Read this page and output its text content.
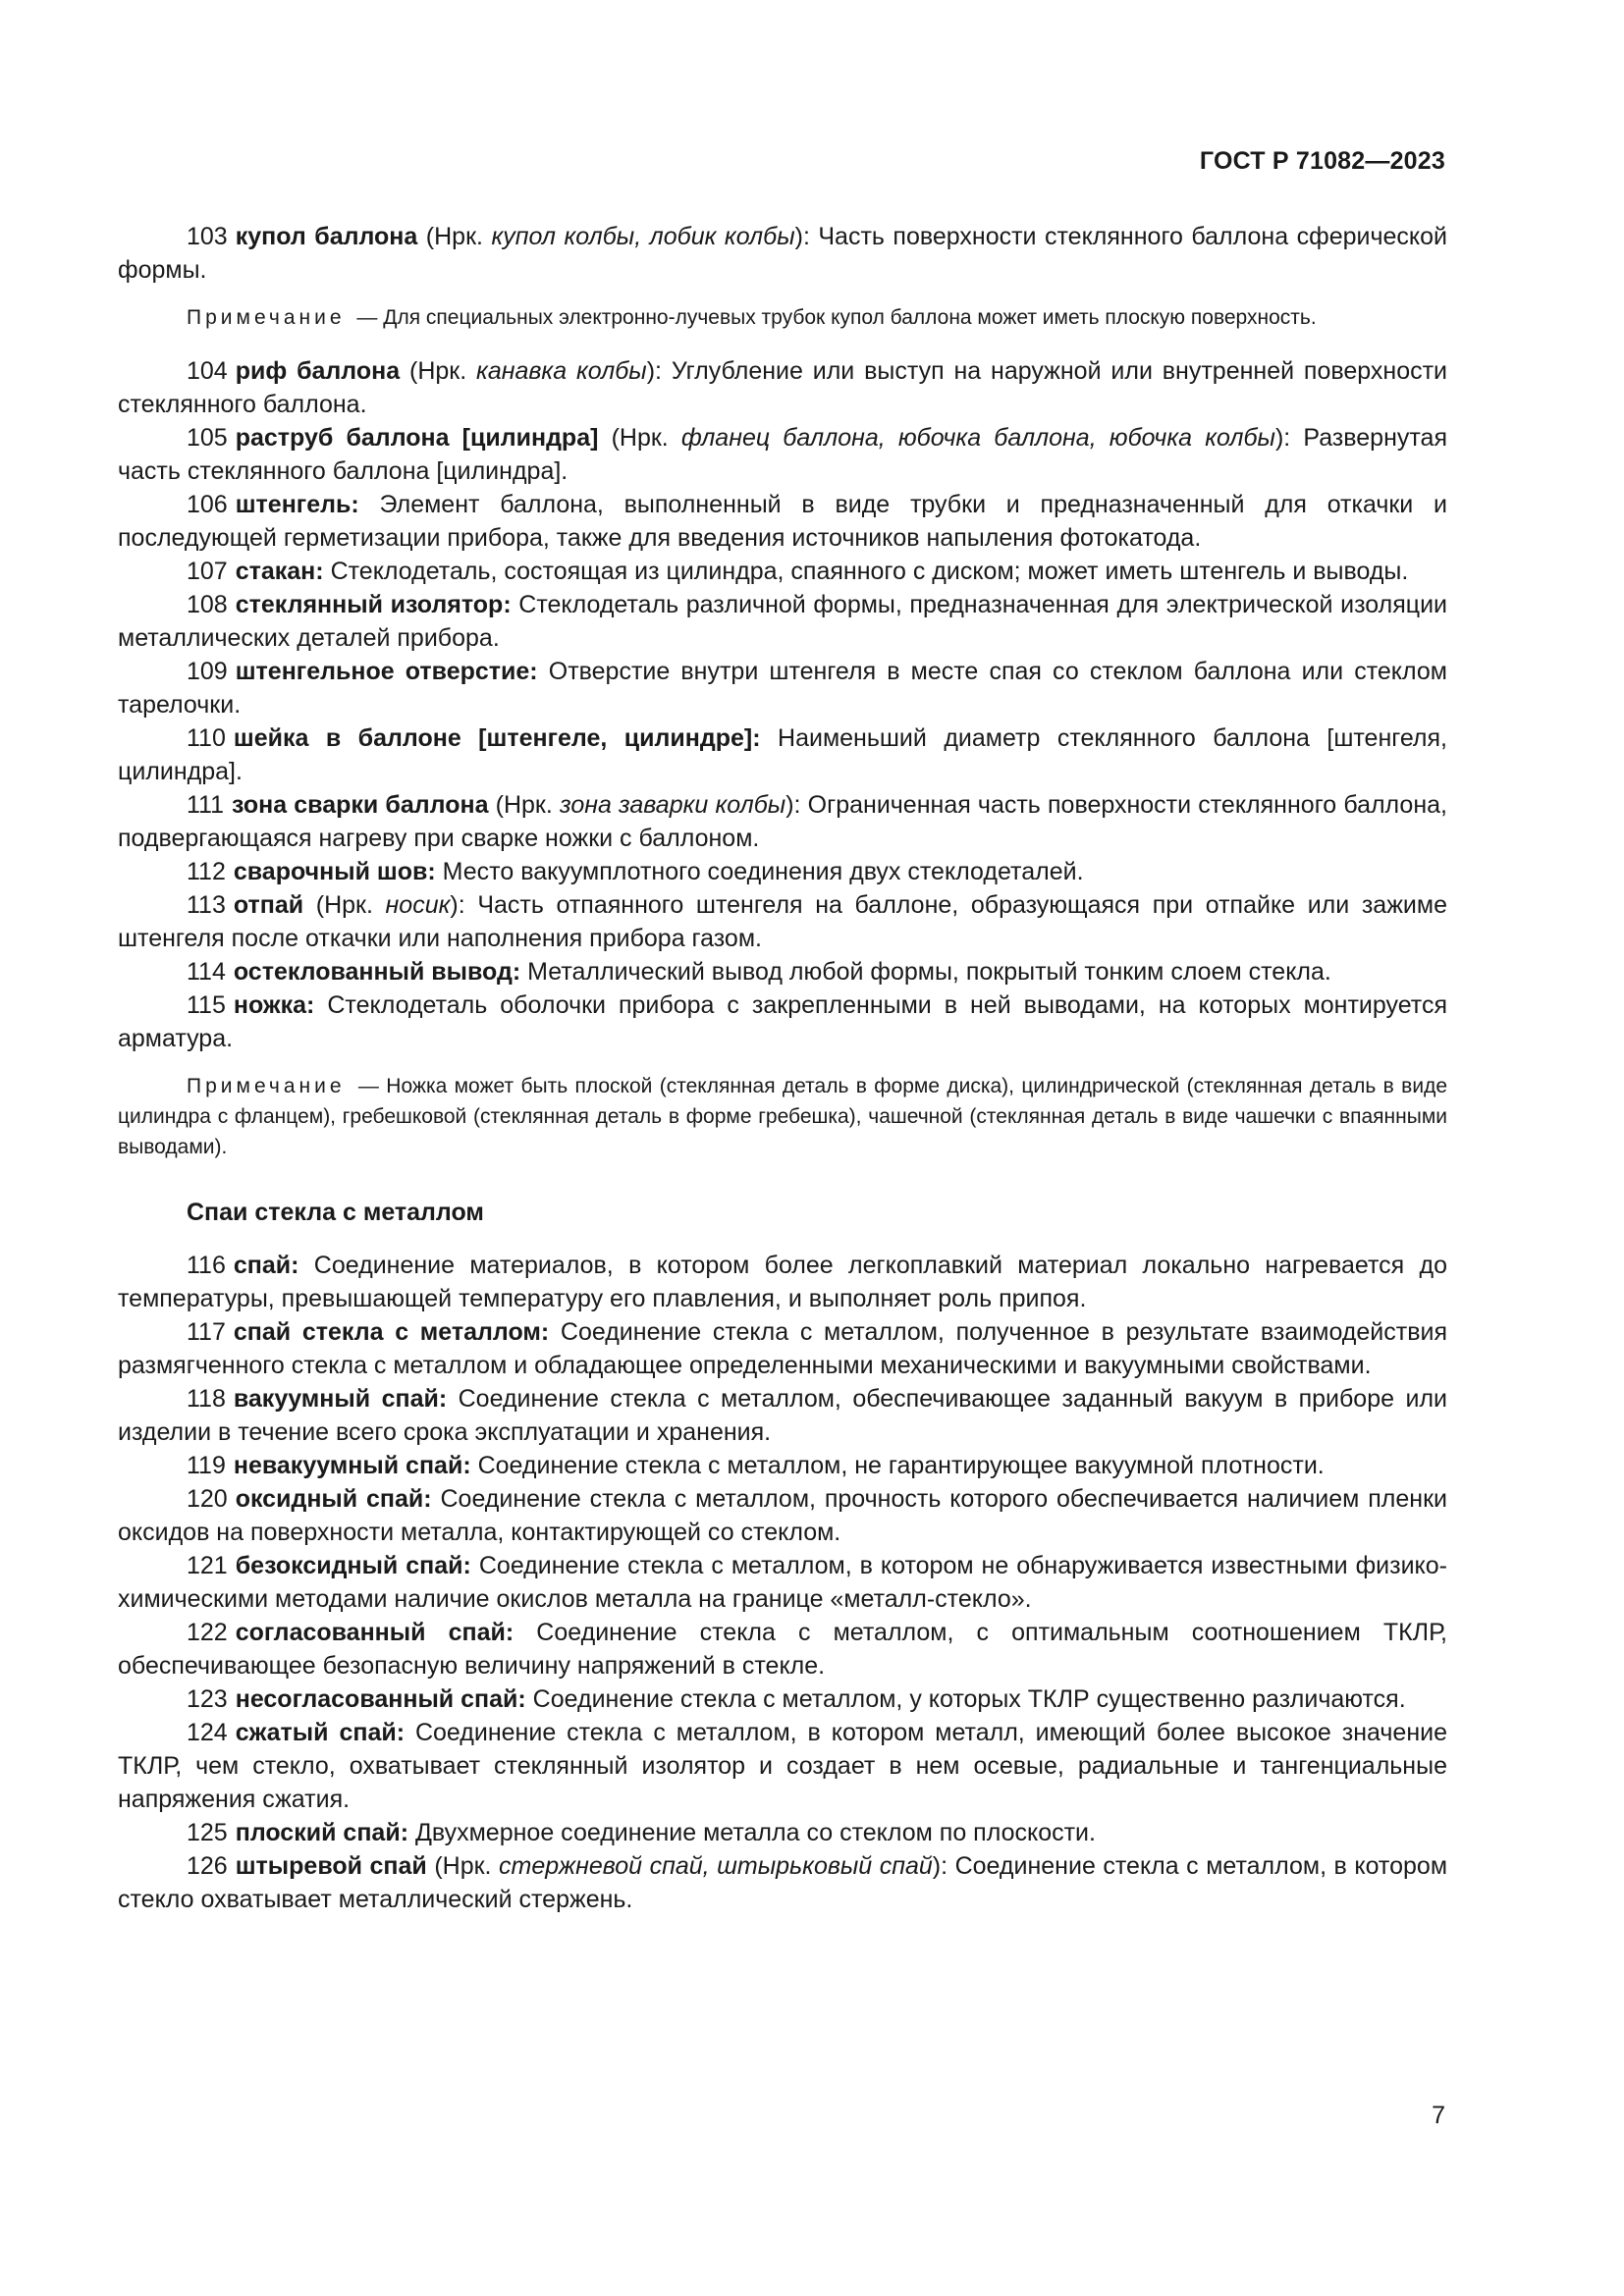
ГОСТ Р 71082—2023

103 купол баллона (Нрк. купол колбы, лобик колбы): Часть поверхности стеклянного баллона сферической формы.

Примечание — Для специальных электронно-лучевых трубок купол баллона может иметь плоскую поверхность.

104 риф баллона (Нрк. канавка колбы): Углубление или выступ на наружной или внутренней поверхности стеклянного баллона.

105 раструб баллона [цилиндра] (Нрк. фланец баллона, юбочка баллона, юбочка колбы): Развернутая часть стеклянного баллона [цилиндра].

106 штенгель: Элемент баллона, выполненный в виде трубки и предназначенный для откачки и последующей герметизации прибора, также для введения источников напыления фотокатода.

107 стакан: Стеклодеталь, состоящая из цилиндра, спаянного с диском; может иметь штенгель и выводы.

108 стеклянный изолятор: Стеклодеталь различной формы, предназначенная для электрической изоляции металлических деталей прибора.

109 штенгельное отверстие: Отверстие внутри штенгеля в месте спая со стеклом баллона или стеклом тарелочки.

110 шейка в баллоне [штенгеле, цилиндре]: Наименьший диаметр стеклянного баллона [штенгеля, цилиндра].

111 зона сварки баллона (Нрк. зона заварки колбы): Ограниченная часть поверхности стеклянного баллона, подвергающаяся нагреву при сварке ножки с баллоном.

112 сварочный шов: Место вакуумплотного соединения двух стеклодеталей.

113 отпай (Нрк. носик): Часть отпаянного штенгеля на баллоне, образующаяся при отпайке или зажиме штенгеля после откачки или наполнения прибора газом.

114 остеклованный вывод: Металлический вывод любой формы, покрытый тонким слоем стекла.

115 ножка: Стеклодеталь оболочки прибора с закрепленными в ней выводами, на которых монтируется арматура.

Примечание — Ножка может быть плоской (стеклянная деталь в форме диска), цилиндрической (стеклянная деталь в виде цилиндра с фланцем), гребешковой (стеклянная деталь в форме гребешка), чашечной (стеклянная деталь в виде чашечки с впаянными выводами).

Спаи стекла с металлом

116 спай: Соединение материалов, в котором более легкоплавкий материал локально нагревается до температуры, превышающей температуру его плавления, и выполняет роль припоя.

117 спай стекла с металлом: Соединение стекла с металлом, полученное в результате взаимодействия размягченного стекла с металлом и обладающее определенными механическими и вакуумными свойствами.

118 вакуумный спай: Соединение стекла с металлом, обеспечивающее заданный вакуум в приборе или изделии в течение всего срока эксплуатации и хранения.

119 невакуумный спай: Соединение стекла с металлом, не гарантирующее вакуумной плотности.

120 оксидный спай: Соединение стекла с металлом, прочность которого обеспечивается наличием пленки оксидов на поверхности металла, контактирующей со стеклом.

121 безоксидный спай: Соединение стекла с металлом, в котором не обнаруживается известными физико-химическими методами наличие окислов металла на границе «металл-стекло».

122 согласованный спай: Соединение стекла с металлом, с оптимальным соотношением ТКЛР, обеспечивающее безопасную величину напряжений в стекле.

123 несогласованный спай: Соединение стекла с металлом, у которых ТКЛР существенно различаются.

124 сжатый спай: Соединение стекла с металлом, в котором металл, имеющий более высокое значение ТКЛР, чем стекло, охватывает стеклянный изолятор и создает в нем осевые, радиальные и тангенциальные напряжения сжатия.

125 плоский спай: Двухмерное соединение металла со стеклом по плоскости.

126 штыревой спай (Нрк. стержневой спай, штырьковый спай): Соединение стекла с металлом, в котором стекло охватывает металлический стержень.

7
